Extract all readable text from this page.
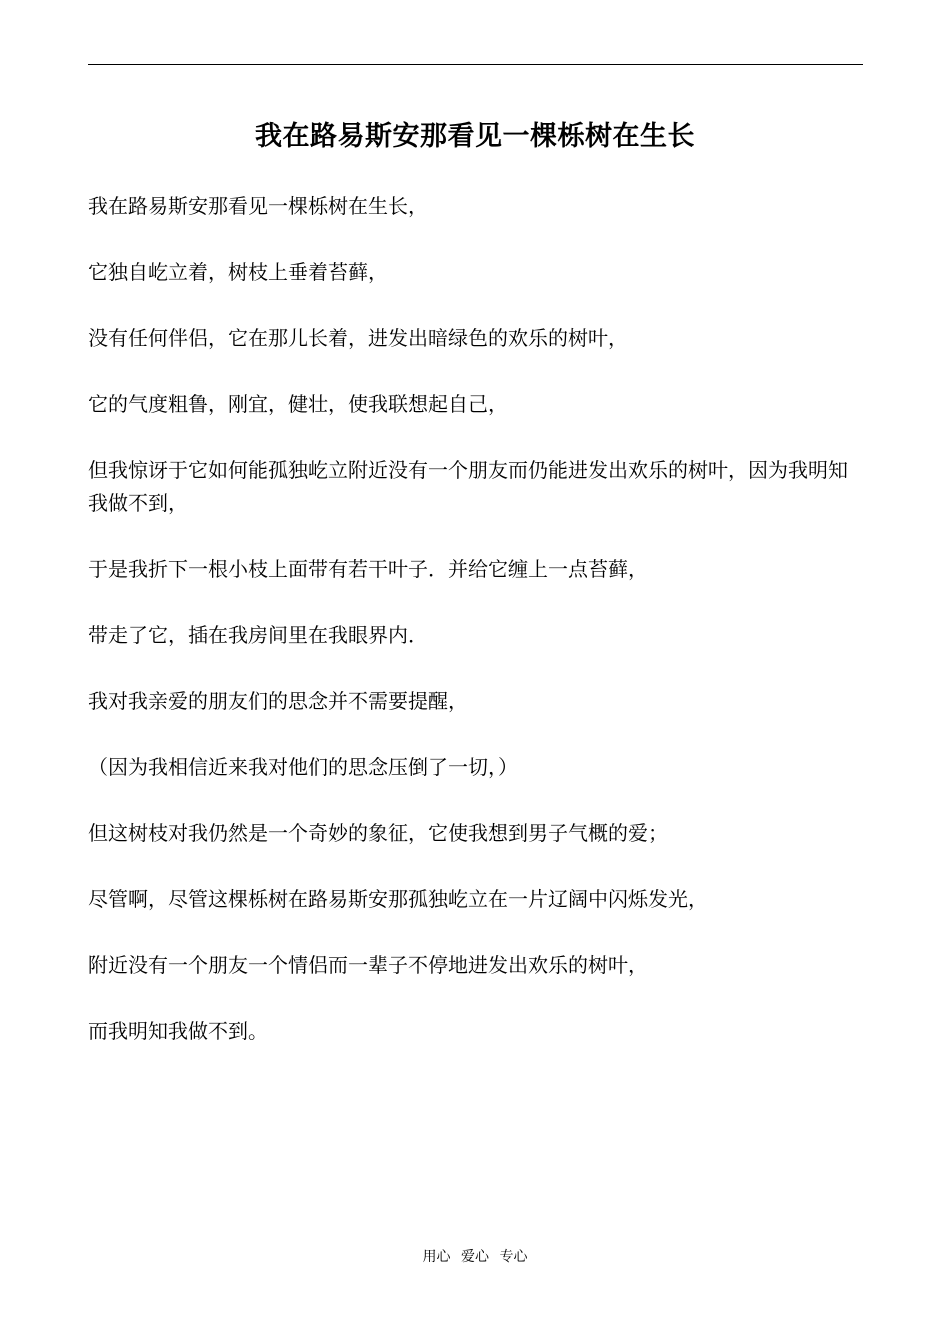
我在路易斯安那看见一棵栎树在生长
我在路易斯安那看见一棵栎树在生长，
它独自屹立着，树枝上垂着苔藓，
没有任何伴侣，它在那儿长着，进发出暗绿色的欢乐的树叶，
它的气度粗鲁，刚宜，健壮，使我联想起自己，
但我惊讶于它如何能孤独屹立附近没有一个朋友而仍能进发出欢乐的树叶，因为我明知我做不到，
于是我折下一根小枝上面带有若干叶子．并给它缠上一点苔藓，
带走了它，插在我房间里在我眼界内．
我对我亲爱的朋友们的思念并不需要提醒，
（因为我相信近来我对他们的思念压倒了一切，）
但这树枝对我仍然是一个奇妙的象征，它使我想到男子气概的爱；
尽管啊，尽管这棵栎树在路易斯安那孤独屹立在一片辽阔中闪烁发光，
附近没有一个朋友一个情侣而一辈子不停地进发出欢乐的树叶，
而我明知我做不到。
用心 爱心 专心
